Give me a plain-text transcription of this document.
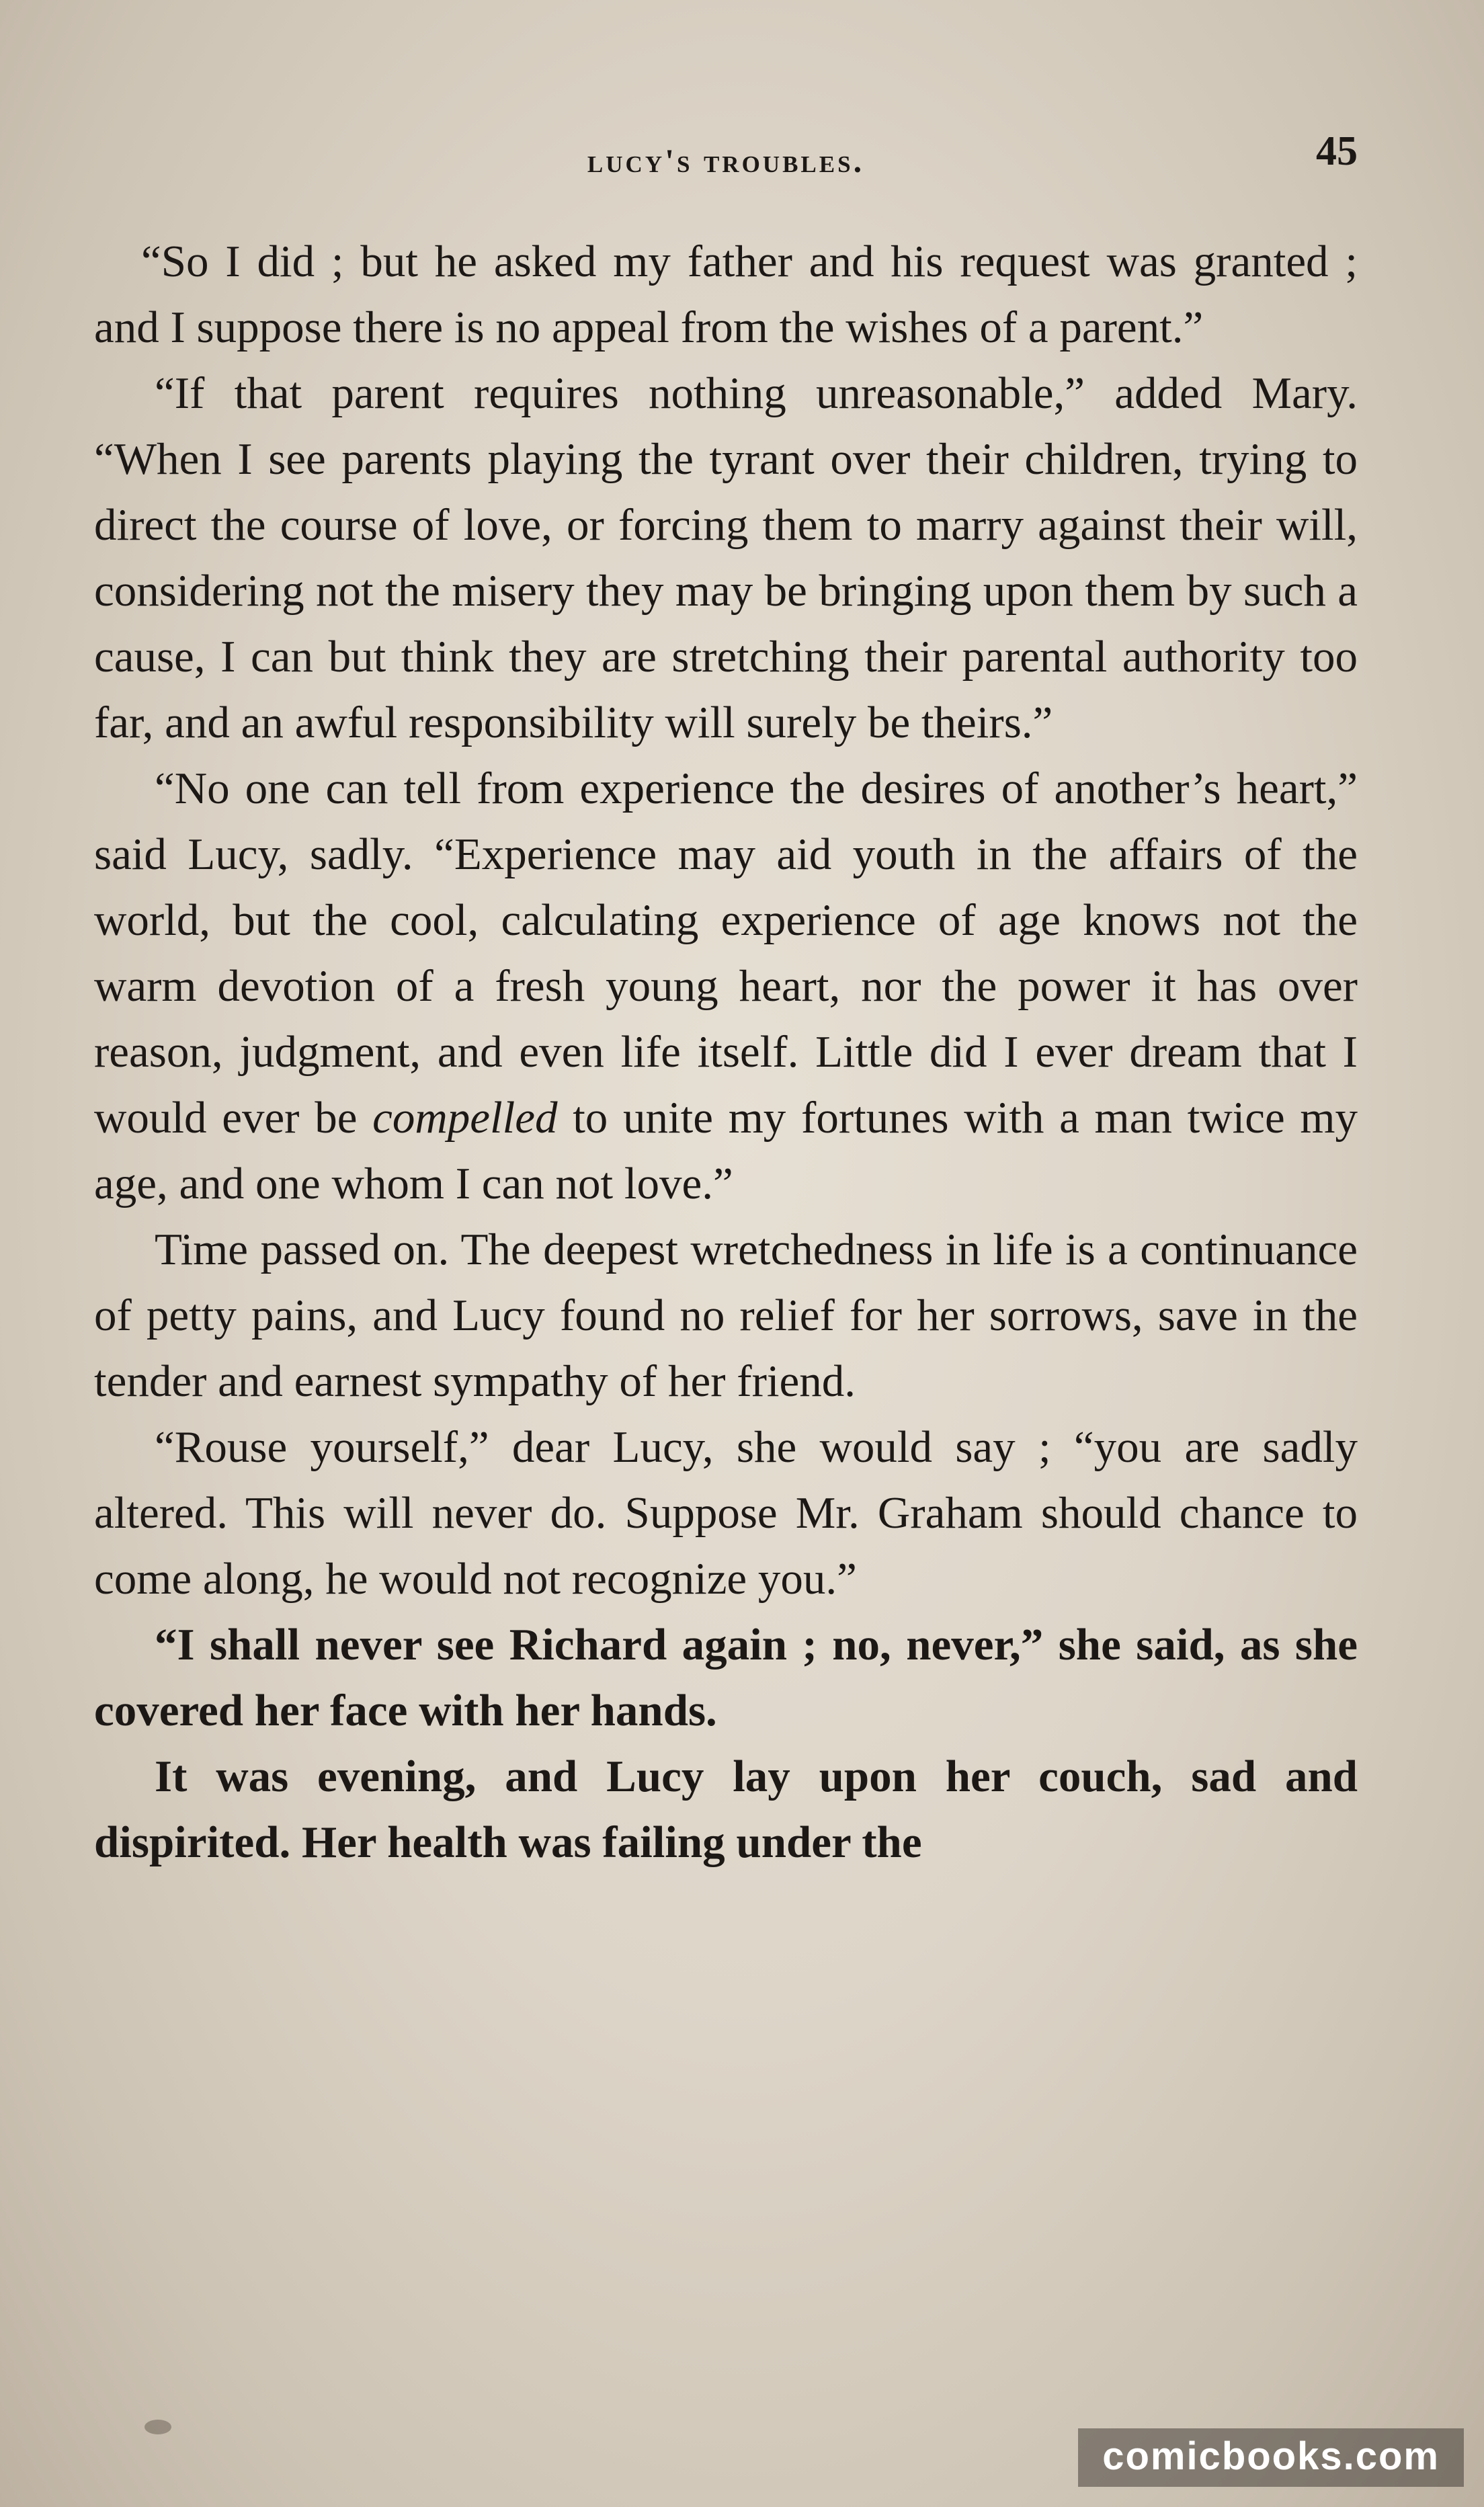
lucy's troubles.	45

“So I did ; but he asked my father and his request was granted ; and I suppose there is no appeal from the wishes of a parent.”

“If that parent requires nothing unreasonable,” added Mary. “When I see parents playing the tyrant over their children, trying to direct the course of love, or forcing them to marry against their will, considering not the misery they may be bringing upon them by such a cause, I can but think they are stretching their parental authority too far, and an awful responsibility will surely be theirs.”

“No one can tell from experience the desires of another’s heart,” said Lucy, sadly. “Experience may aid youth in the affairs of the world, but the cool, calculating experience of age knows not the warm devotion of a fresh young heart, nor the power it has over reason, judgment, and even life itself. Little did I ever dream that I would ever be compelled to unite my fortunes with a man twice my age, and one whom I can not love.”

Time passed on. The deepest wretchedness in life is a continuance of petty pains, and Lucy found no relief for her sorrows, save in the tender and earnest sympathy of her friend.

“Rouse yourself,” dear Lucy, she would say ; “you are sadly altered. This will never do. Suppose Mr. Graham should chance to come along, he would not recognize you.”

“I shall never see Richard again ; no, never,” she said, as she covered her face with her hands.

It was evening, and Lucy lay upon her couch, sad and dispirited. Her health was failing under the

comicbooks.com
